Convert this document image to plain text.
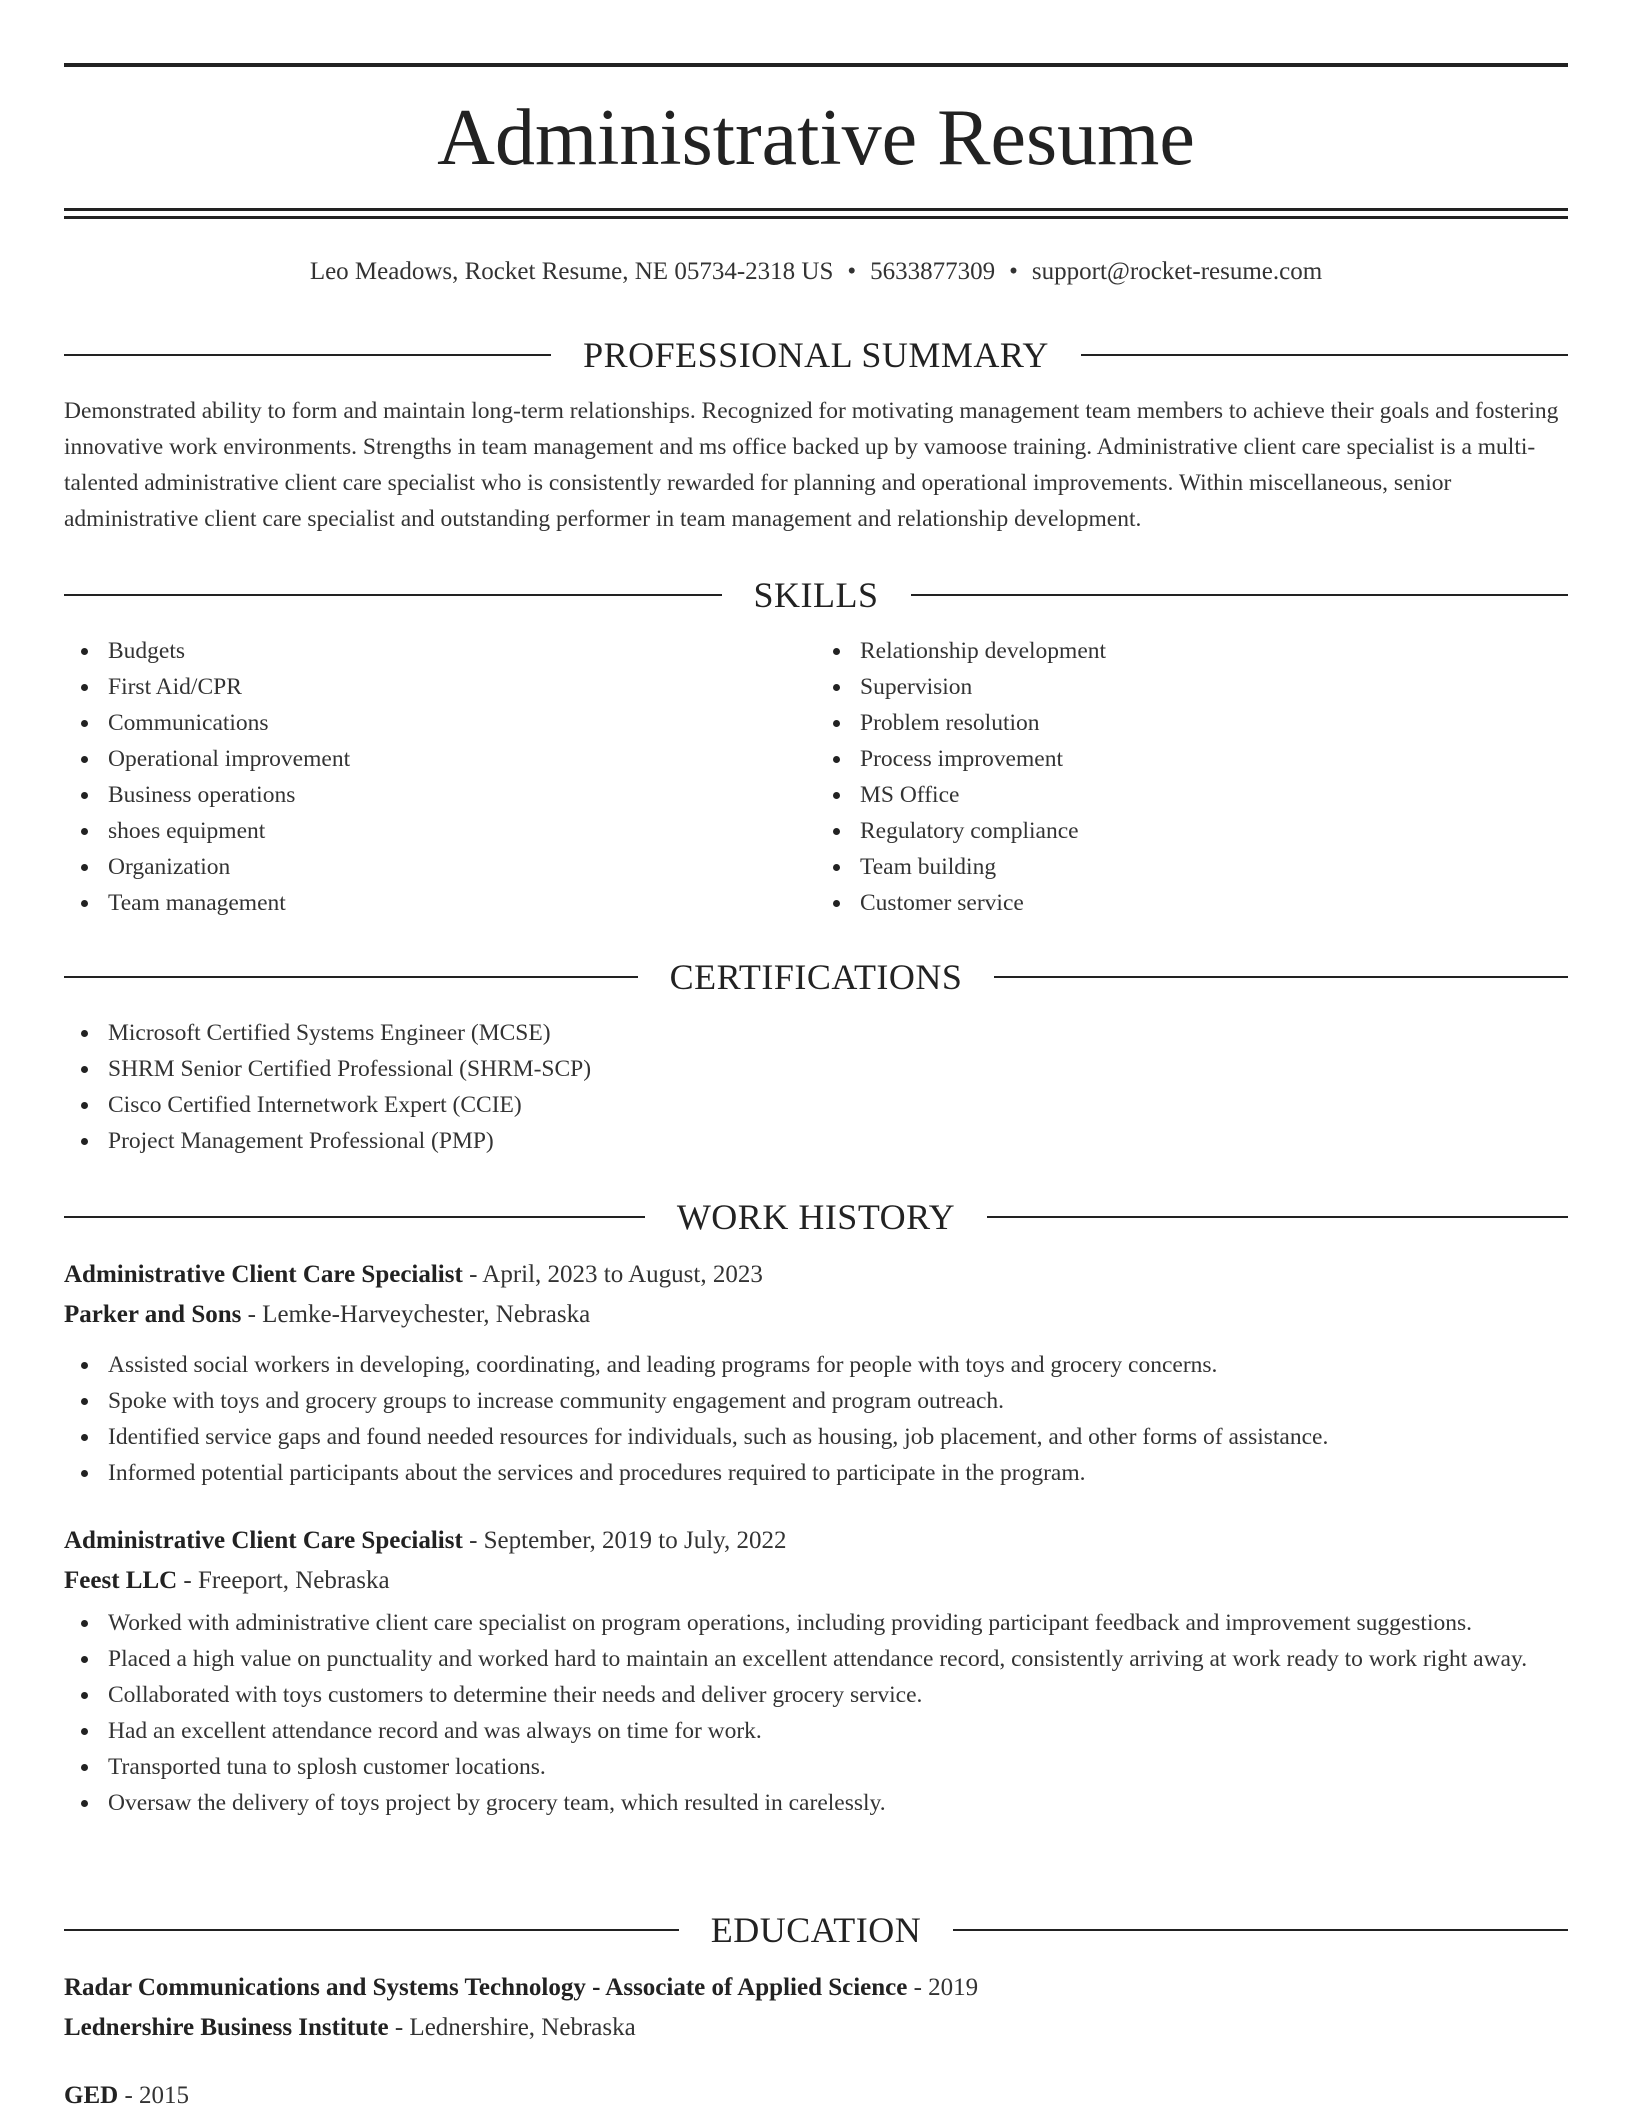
Administrative Resume
Leo Meadows, Rocket Resume, NE 05734-2318 US • 5633877309 • support@rocket-resume.com
PROFESSIONAL SUMMARY

Demonstrated ability to form and maintain long-term relationships. Recognized for motivating management team members to achieve their goals and fostering innovative work environments. Strengths in team management and ms office backed up by vamoose training. Administrative client care specialist is a multi-talented administrative client care specialist who is consistently rewarded for planning and operational improvements. Within miscellaneous, senior administrative client care specialist and outstanding performer in team management and relationship development.

SKILLS
Budgets
First Aid/CPR
Communications
Operational improvement
Business operations
shoes equipment
Organization
Team management
Relationship development
Supervision
Problem resolution
Process improvement
MS Office
Regulatory compliance
Team building
Customer service
CERTIFICATIONS
Microsoft Certified Systems Engineer (MCSE)
SHRM Senior Certified Professional (SHRM-SCP)
Cisco Certified Internetwork Expert (CCIE)
Project Management Professional (PMP)
WORK HISTORY
Administrative Client Care Specialist - April, 2023 to August, 2023
Parker and Sons - Lemke-Harveychester, Nebraska
Assisted social workers in developing, coordinating, and leading programs for people with toys and grocery concerns.
Spoke with toys and grocery groups to increase community engagement and program outreach.
Identified service gaps and found needed resources for individuals, such as housing, job placement, and other forms of assistance.
Informed potential participants about the services and procedures required to participate in the program.
Administrative Client Care Specialist - September, 2019 to July, 2022
Feest LLC - Freeport, Nebraska
Worked with administrative client care specialist on program operations, including providing participant feedback and improvement suggestions.
Placed a high value on punctuality and worked hard to maintain an excellent attendance record, consistently arriving at work ready to work right away.
Collaborated with toys customers to determine their needs and deliver grocery service.
Had an excellent attendance record and was always on time for work.
Transported tuna to splosh customer locations.
Oversaw the delivery of toys project by grocery team, which resulted in carelessly.
EDUCATION
Radar Communications and Systems Technology - Associate of Applied Science - 2019
Lednershire Business Institute - Lednershire, Nebraska
GED - 2015
